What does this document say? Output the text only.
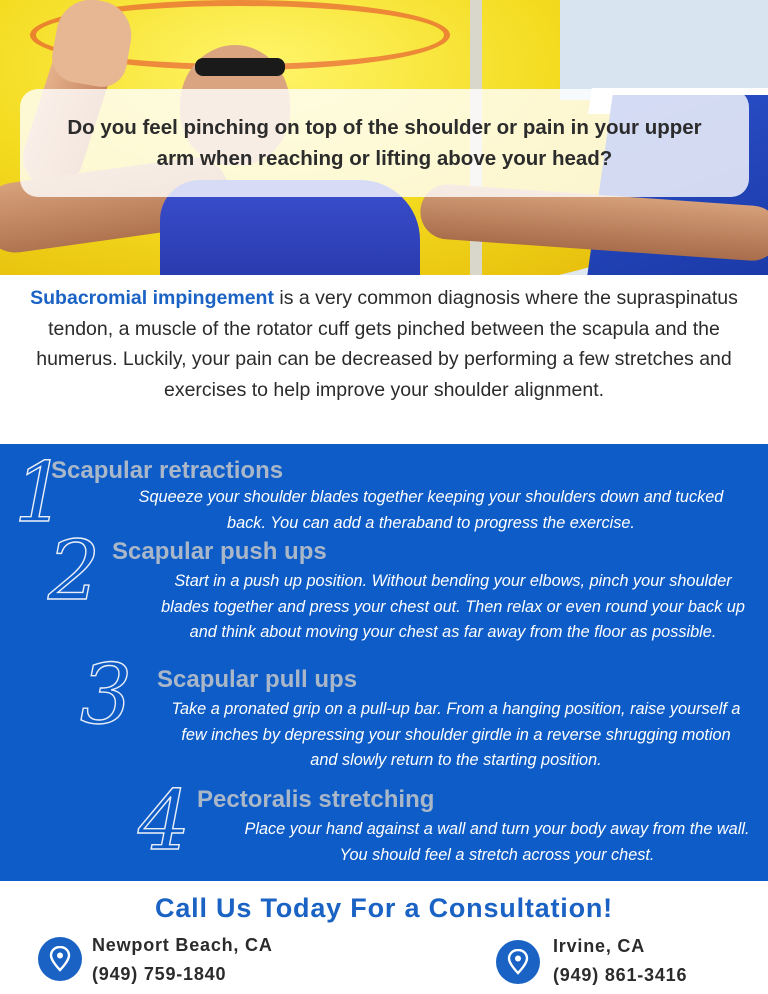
Do you feel pinching on top of the shoulder or pain in your upper arm when reaching or lifting above your head?

Subacromial impingement is a very common diagnosis where the supraspinatus tendon, a muscle of the rotator cuff gets pinched between the scapula and the humerus. Luckily, your pain can be decreased by performing a few stretches and exercises to help improve your shoulder alignment.

1
Scapular retractions
Squeeze your shoulder blades together keeping your shoulders down and tucked back. You can add a theraband to progress the exercise.
2 Scapular push ups
Start in a push up position. Without bending your elbows, pinch your shoulder blades together and press your chest out. Then relax or even round your back up and think about moving your chest as far away from the floor as possible.
3 Scapular pull ups
Take a pronated grip on a pull-up bar. From a hanging position, raise yourself a few inches by depressing your shoulder girdle in a reverse shrugging motion and slowly return to the starting position.
4 Pectoralis stretching
Place your hand against a wall and turn your body away from the wall. You should feel a stretch across your chest.
Call Us Today For a Consultation!
Newport Beach, CA
(949) 759-1840
Irvine, CA
(949) 861-3416
